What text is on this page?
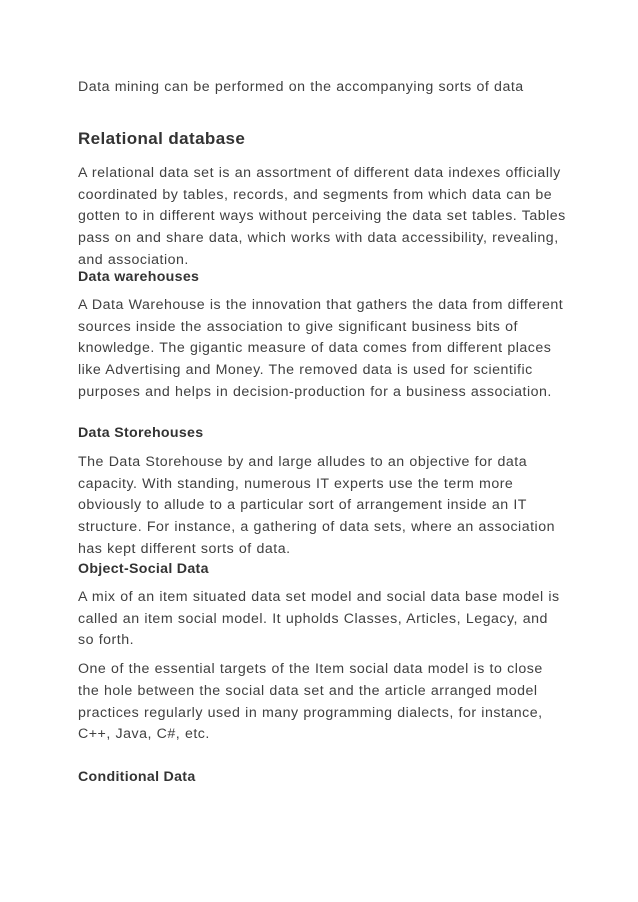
Data mining can be performed on the accompanying sorts of data

Relational database

A relational data set is an assortment of different data indexes officially coordinated by tables, records, and segments from which data can be gotten to in different ways without perceiving the data set tables. Tables pass on and share data, which works with data accessibility, revealing, and association.

Data warehouses

A Data Warehouse is the innovation that gathers the data from different sources inside the association to give significant business bits of knowledge. The gigantic measure of data comes from different places like Advertising and Money. The removed data is used for scientific purposes and helps in decision-production for a business association.

Data Storehouses

The Data Storehouse by and large alludes to an objective for data capacity. With standing, numerous IT experts use the term more obviously to allude to a particular sort of arrangement inside an IT structure. For instance, a gathering of data sets, where an association has kept different sorts of data.

Object-Social Data

A mix of an item situated data set model and social data base model is called an item social model. It upholds Classes, Articles, Legacy, and so forth.

One of the essential targets of the Item social data model is to close the hole between the social data set and the article arranged model practices regularly used in many programming dialects, for instance, C++, Java, C#, etc.

Conditional Data
